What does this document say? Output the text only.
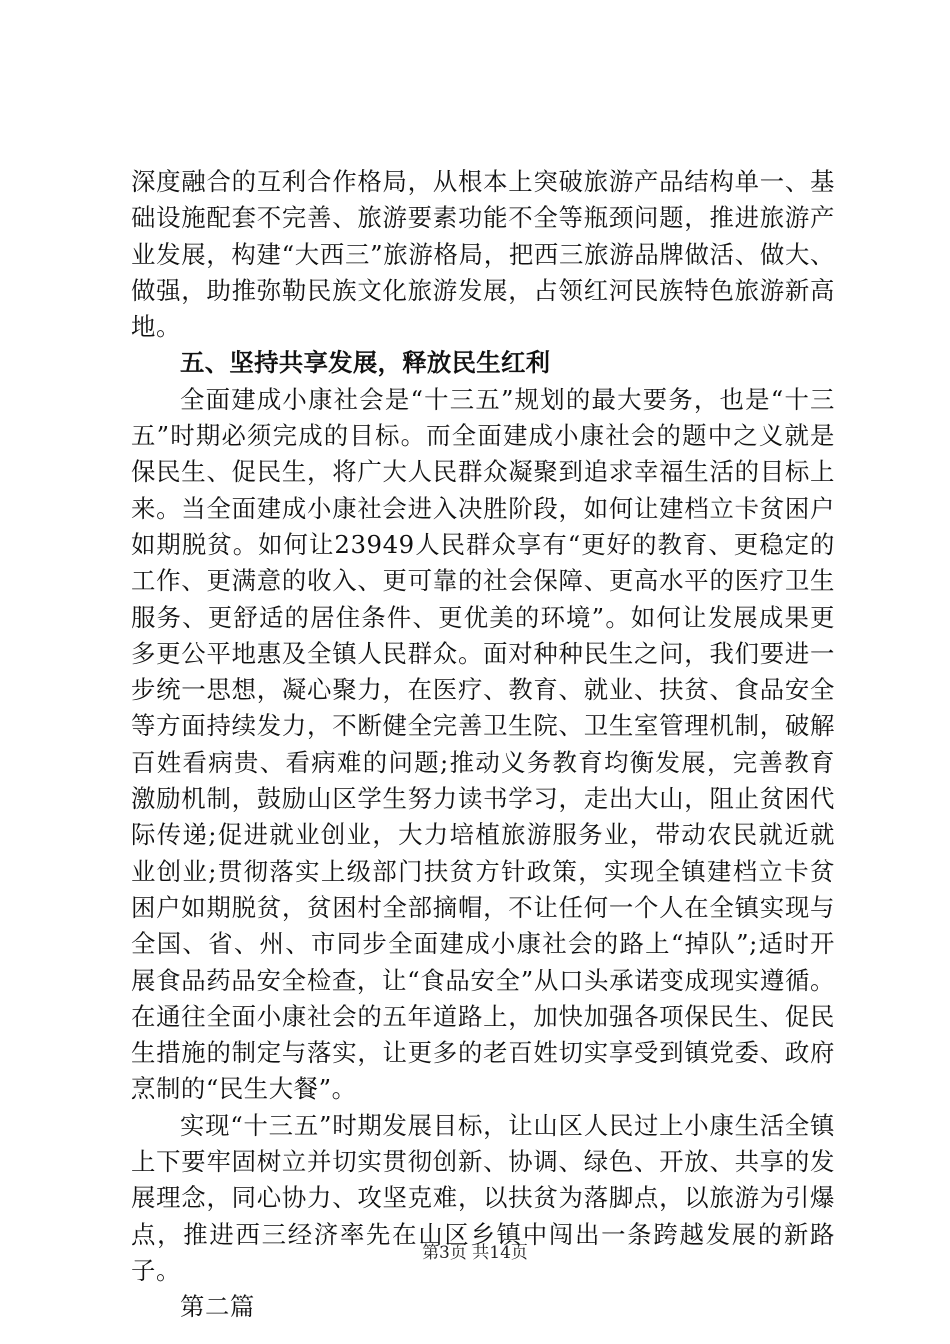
深度融合的互利合作格局，从根本上突破旅游产品结构单一、基础设施配套不完善、旅游要素功能不全等瓶颈问题，推进旅游产业发展，构建“大西三”旅游格局，把西三旅游品牌做活、做大、做强，助推弥勒民族文化旅游发展，占领红河民族特色旅游新高地。

五、坚持共享发展，释放民生红利

全面建成小康社会是“十三五”规划的最大要务，也是“十三五”时期必须完成的目标。而全面建成小康社会的题中之义就是保民生、促民生，将广大人民群众凝聚到追求幸福生活的目标上来。当全面建成小康社会进入决胜阶段，如何让建档立卡贫困户如期脱贫。如何让23949人民群众享有“更好的教育、更稳定的工作、更满意的收入、更可靠的社会保障、更高水平的医疗卫生服务、更舒适的居住条件、更优美的环境”。如何让发展成果更多更公平地惠及全镇人民群众。面对种种民生之问，我们要进一步统一思想，凝心聚力，在医疗、教育、就业、扶贫、食品安全等方面持续发力，不断健全完善卫生院、卫生室管理机制，破解百姓看病贵、看病难的问题;推动义务教育均衡发展，完善教育激励机制，鼓励山区学生努力读书学习，走出大山，阻止贫困代际传递;促进就业创业，大力培植旅游服务业，带动农民就近就业创业;贯彻落实上级部门扶贫方针政策，实现全镇建档立卡贫困户如期脱贫，贫困村全部摘帽，不让任何一个人在全镇实现与全国、省、州、市同步全面建成小康社会的路上“掉队”;适时开展食品药品安全检查，让“食品安全”从口头承诺变成现实遵循。在通往全面小康社会的五年道路上，加快加强各项保民生、促民生措施的制定与落实，让更多的老百姓切实享受到镇党委、政府烹制的“民生大餐”。

实现“十三五”时期发展目标，让山区人民过上小康生活全镇上下要牢固树立并切实贯彻创新、协调、绿色、开放、共享的发展理念，同心协力、攻坚克难，以扶贫为落脚点，以旅游为引爆点，推进西三经济率先在山区乡镇中闯出一条跨越发展的新路子。

第二篇

第3页 共14页
